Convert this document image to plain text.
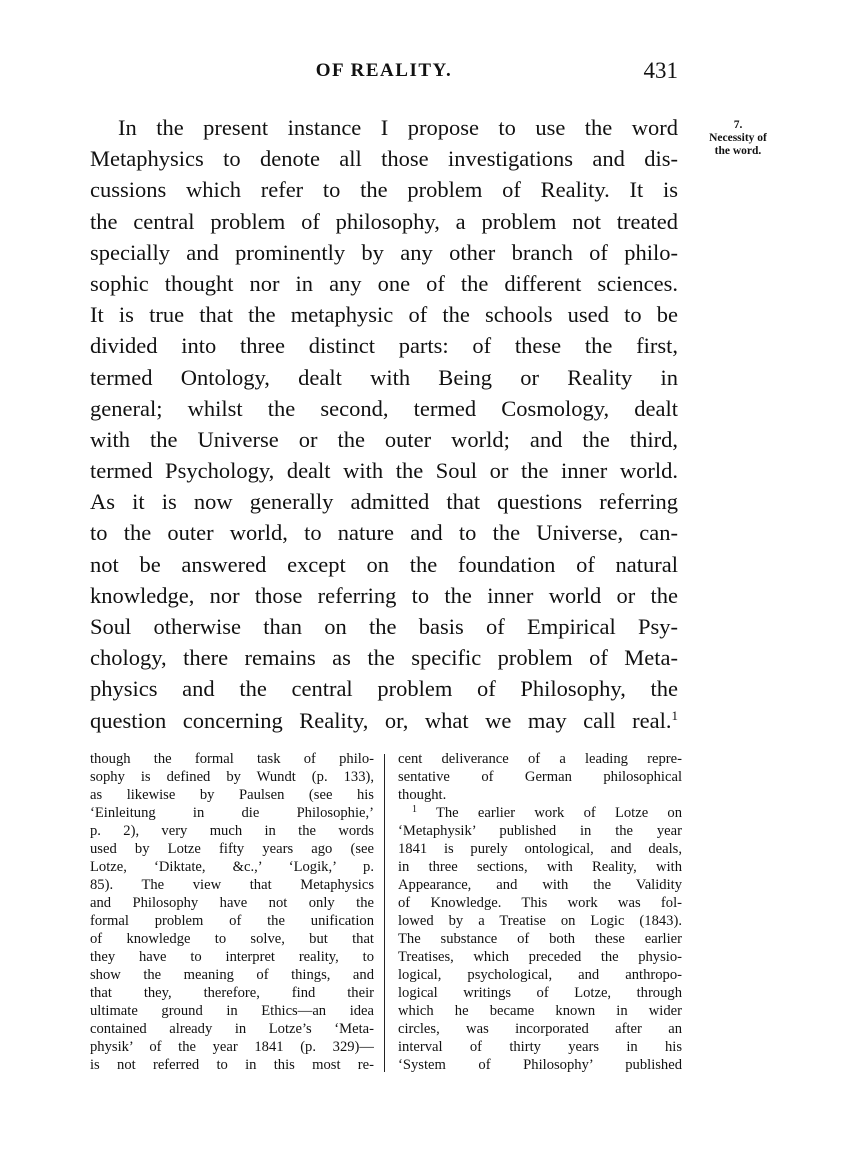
OF REALITY.	431
7.
Necessity of
the word.
In the present instance I propose to use the word
Metaphysics to denote all those investigations and dis-
cussions which refer to the problem of Reality. It is
the central problem of philosophy, a problem not treated
specially and prominently by any other branch of philo-
sophic thought nor in any one of the different sciences.
It is true that the metaphysic of the schools used to be
divided into three distinct parts: of these the first,
termed Ontology, dealt with Being or Reality in
general; whilst the second, termed Cosmology, dealt
with the Universe or the outer world; and the third,
termed Psychology, dealt with the Soul or the inner world.
As it is now generally admitted that questions referring
to the outer world, to nature and to the Universe, can-
not be answered except on the foundation of natural
knowledge, nor those referring to the inner world or the
Soul otherwise than on the basis of Empirical Psy-
chology, there remains as the specific problem of Meta-
physics and the central problem of Philosophy, the
question concerning Reality, or, what we may call real.$^1$
though the formal task of philo-
sophy is defined by Wundt (p. 133),
as likewise by Paulsen (see his
‘Einleitung in die Philosophie,’
p. 2), very much in the words
used by Lotze fifty years ago (see
Lotze, ‘Diktate, &c.,’ ‘Logik,’ p.
85). The view that Metaphysics
and Philosophy have not only the
formal problem of the unification
of knowledge to solve, but that
they have to interpret reality, to
show the meaning of things, and
that they, therefore, find their
ultimate ground in Ethics—an idea
contained already in Lotze’s ‘Meta-
physik’ of the year 1841 (p. 329)—
is not referred to in this most re-
cent deliverance of a leading repre-
sentative of German philosophical
thought.
$^1$ The earlier work of Lotze on
‘Metaphysik’ published in the year
1841 is purely ontological, and deals,
in three sections, with Reality, with
Appearance, and with the Validity
of Knowledge. This work was fol-
lowed by a Treatise on Logic (1843).
The substance of both these earlier
Treatises, which preceded the physio-
logical, psychological, and anthropo-
logical writings of Lotze, through
which he became known in wider
circles, was incorporated after an
interval of thirty years in his
‘System of Philosophy’ published
